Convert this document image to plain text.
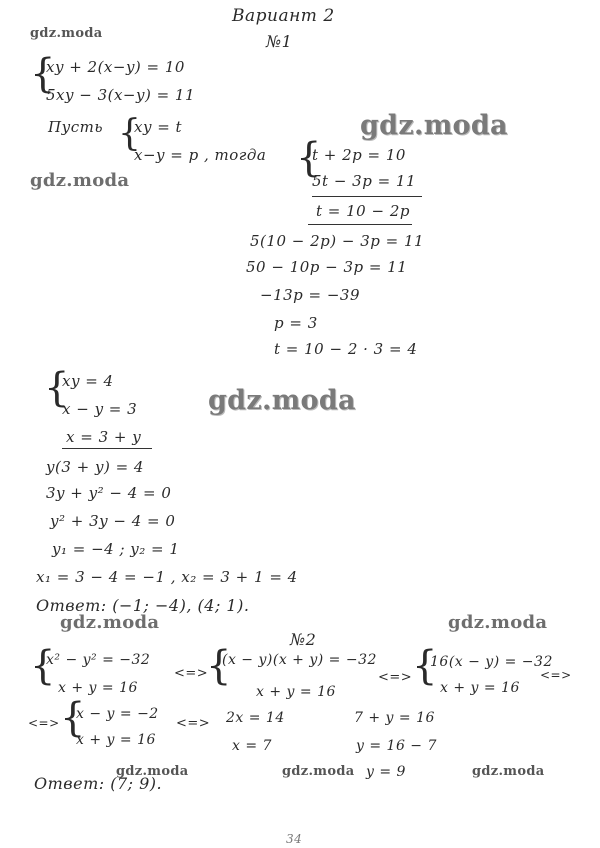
Вариант 2
№1
gdz.moda
gdz.moda
gdz.moda
gdz.moda
gdz.moda	gdz.moda
gdz.moda	gdz.moda	gdz.moda
{
xy + 2(x−y) = 10
5xy − 3(x−y) = 11
Пусть {
xy = t
x−y = p , тогда {
t + 2p = 10
5t − 3p = 11
t = 10 − 2p
5(10 − 2p) − 3p = 11
50 − 10p − 3p = 11
−13p = −39
p = 3
t = 10 − 2 · 3 = 4
{
xy = 4
x − y = 3
x = 3 + y
y(3 + y) = 4
3y + y² − 4 = 0
y² + 3y − 4 = 0
y₁ = −4 ; y₂ = 1
x₁ = 3 − 4 = −1 , x₂ = 3 + 1 = 4
Ответ: (−1; −4), (4; 1).
№2
{
x² − y² = −32
x + y = 16
<=>
{
(x − y)(x + y) = −32
x + y = 16
<=> {
16(x − y) = −32
x + y = 16
<=>
<=> {
x − y = −2
x + y = 16
<=> 2x = 14
x = 7
7 + y = 16
y = 16 − 7
y = 9
Ответ: (7; 9).
34
